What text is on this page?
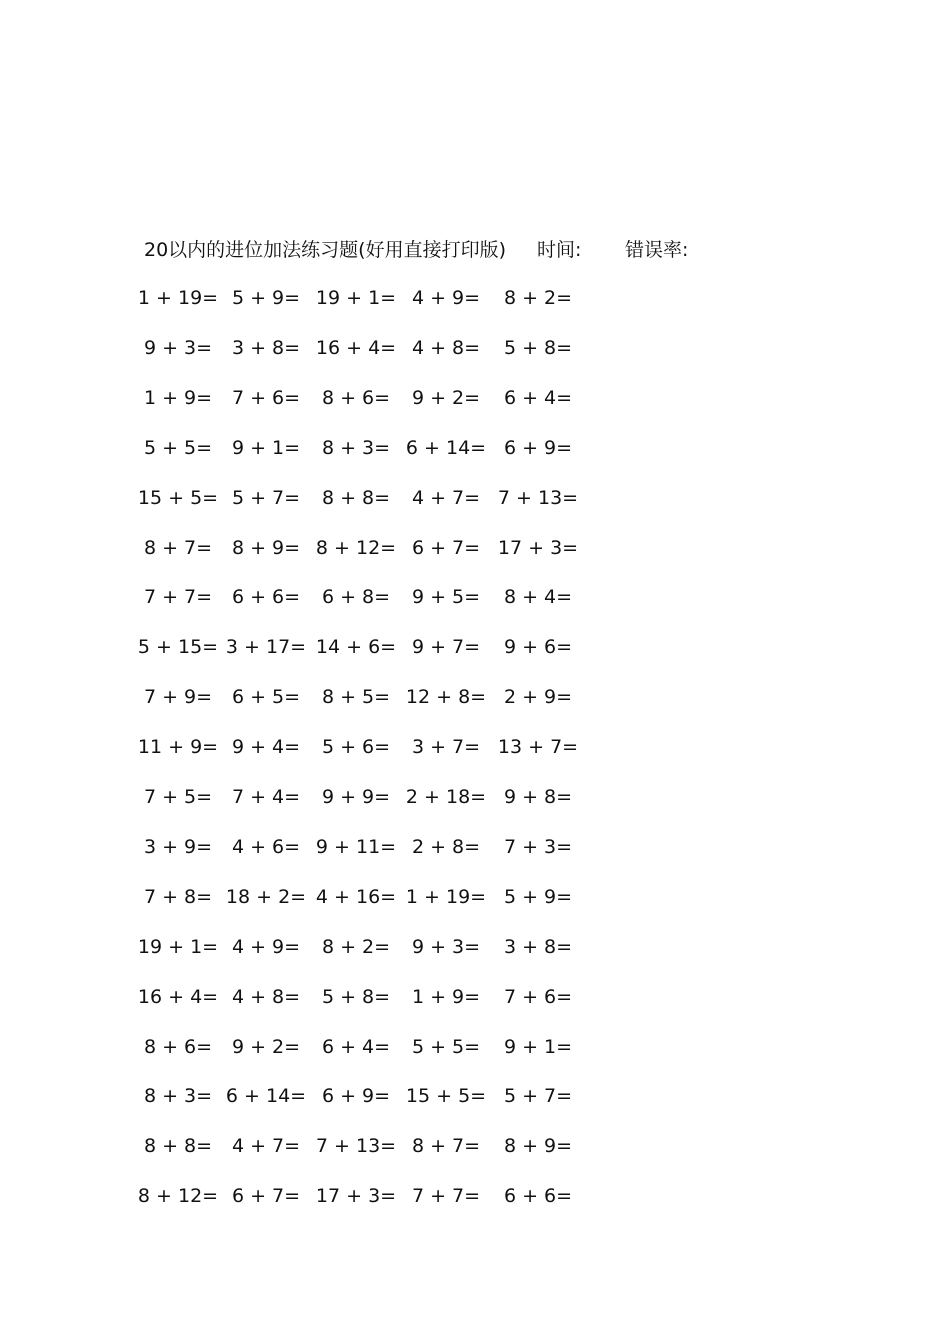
20以内的进位加法练习题(好用直接打印版) 时间: 错误率:
1 + 19= 5 + 9= 19 + 1= 4 + 9=	8 + 2=
9 + 3=	3 + 8= 16 + 4= 4 + 8=	5 + 8=
1 + 9=	7 + 6=	8 + 6=	9 + 2=	6 + 4=
5 + 5=	9 + 1=	8 + 3= 6 + 14= 6 + 9=
15 + 5= 5 + 7=	8 + 8=	4 + 7= 7 + 13=
8 + 7=	8 + 9= 8 + 12= 6 + 7= 17 + 3=
7 + 7=	6 + 6=	6 + 8=	9 + 5=	8 + 4=
5 + 15= 3 + 17= 14 + 6= 9 + 7=	9 + 6=
7 + 9=	6 + 5=	8 + 5= 12 + 8= 2 + 9=
11 + 9= 9 + 4=	5 + 6=	3 + 7= 13 + 7=
7 + 5=	7 + 4=	9 + 9= 2 + 18= 9 + 8=
3 + 9=	4 + 6= 9 + 11= 2 + 8=	7 + 3=
7 + 8= 18 + 2= 4 + 16= 1 + 19= 5 + 9=
19 + 1= 4 + 9=	8 + 2=	9 + 3=	3 + 8=
16 + 4= 4 + 8=	5 + 8=	1 + 9=	7 + 6=
8 + 6=	9 + 2=	6 + 4=	5 + 5=	9 + 1=
8 + 3= 6 + 14= 6 + 9= 15 + 5= 5 + 7=
8 + 8=	4 + 7= 7 + 13= 8 + 7=	8 + 9=
8 + 12= 6 + 7= 17 + 3= 7 + 7=	6 + 6=
